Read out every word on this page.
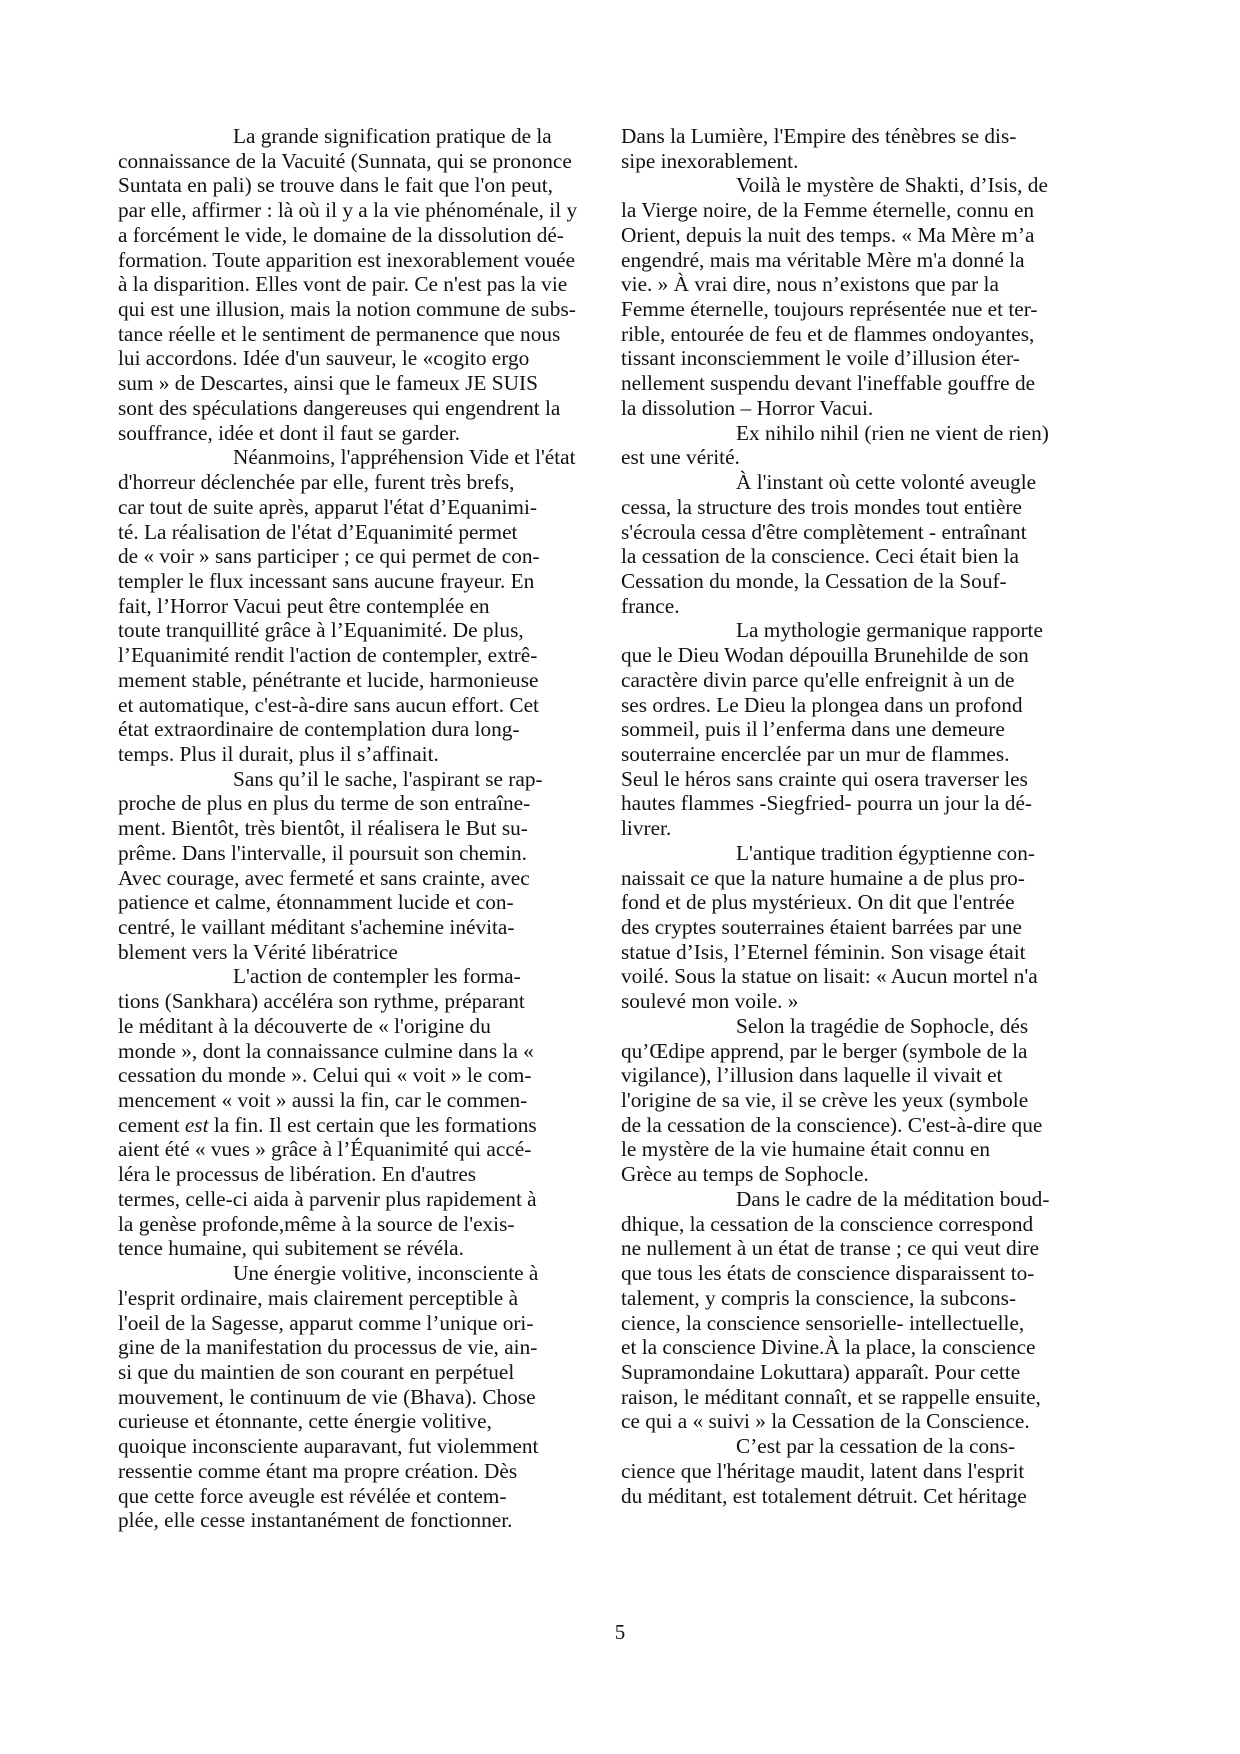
La grande signification pratique de la
connaissance de la Vacuité (Sunnata, qui se prononce
Suntata en pali) se trouve dans le fait que l'on peut,
par elle, affirmer : là où il y a la vie phénoménale, il y
a forcément le vide, le domaine de la dissolution dé-
formation. Toute apparition est inexorablement vouée
à la disparition. Elles vont de pair. Ce n'est pas la vie
qui est une illusion, mais la notion commune de subs-
tance réelle et le sentiment de permanence que nous
lui accordons. Idée d'un sauveur, le «cogito ergo
sum » de Descartes, ainsi que le fameux JE SUIS
sont des spéculations dangereuses qui engendrent la
souffrance, idée et dont il faut se garder.
Néanmoins, l'appréhension Vide et l'état
d'horreur déclenchée par elle, furent très brefs,
car tout de suite après, apparut l'état d’Equanimi-
té. La réalisation de l'état d’Equanimité permet
de « voir » sans participer ; ce qui permet de con-
templer le flux incessant sans aucune frayeur. En
fait, l’Horror Vacui peut être contemplée en
toute tranquillité grâce à l’Equanimité. De plus,
l’Equanimité rendit l'action de contempler, extrê-
mement stable, pénétrante et lucide, harmonieuse
et automatique, c'est-à-dire sans aucun effort. Cet
état extraordinaire de contemplation dura long-
temps. Plus il durait, plus il s’affinait.
Sans qu’il le sache, l'aspirant se rap-
proche de plus en plus du terme de son entraîne-
ment. Bientôt, très bientôt, il réalisera le But su-
prême. Dans l'intervalle, il poursuit son chemin.
Avec courage, avec fermeté et sans crainte, avec
patience et calme, étonnamment lucide et con-
centré, le vaillant méditant s'achemine inévita-
blement vers la Vérité libératrice
L'action de contempler les forma-
tions (Sankhara) accéléra son rythme, préparant
le méditant à la découverte de « l'origine du
monde », dont la connaissance culmine dans la «
cessation du monde ». Celui qui « voit » le com-
mencement « voit » aussi la fin, car le commen-
cement est la fin. Il est certain que les formations
aient été « vues » grâce à l’Équanimité qui accé-
léra le processus de libération. En d'autres
termes, celle-ci aida à parvenir plus rapidement à
la genèse profonde,même à la source de l'exis-
tence humaine, qui subitement se révéla.
Une énergie volitive, inconsciente à
l'esprit ordinaire, mais clairement perceptible à
l'oeil de la Sagesse, apparut comme l’unique ori-
gine de la manifestation du processus de vie, ain-
si que du maintien de son courant en perpétuel
mouvement, le continuum de vie (Bhava). Chose
curieuse et étonnante, cette énergie volitive,
quoique inconsciente auparavant, fut violemment
ressentie comme étant ma propre création. Dès
que cette force aveugle est révélée et contem-
plée, elle cesse instantanément de fonctionner.
Dans la Lumière, l'Empire des ténèbres se dis-
sipe inexorablement.
Voilà le mystère de Shakti, d’Isis, de
la Vierge noire, de la Femme éternelle, connu en
Orient, depuis la nuit des temps. « Ma Mère m’a
engendré, mais ma véritable Mère m'a donné la
vie. » À vrai dire, nous n’existons que par la
Femme éternelle, toujours représentée nue et ter-
rible, entourée de feu et de flammes ondoyantes,
tissant inconsciemment le voile d’illusion éter-
nellement suspendu devant l'ineffable gouffre de
la dissolution – Horror Vacui.
Ex nihilo nihil (rien ne vient de rien)
est une vérité.
À l'instant où cette volonté aveugle
cessa, la structure des trois mondes tout entière
s'écroula cessa d'être complètement - entraînant
la cessation de la conscience. Ceci était bien la
Cessation du monde, la Cessation de la Souf-
france.
La mythologie germanique rapporte
que le Dieu Wodan dépouilla Brunehilde de son
caractère divin parce qu'elle enfreignit à un de
ses ordres. Le Dieu la plongea dans un profond
sommeil, puis il l’enferma dans une demeure
souterraine encerclée par un mur de flammes.
Seul le héros sans crainte qui osera traverser les
hautes flammes -Siegfried- pourra un jour la dé-
livrer.
L'antique tradition égyptienne con-
naissait ce que la nature humaine a de plus pro-
fond et de plus mystérieux. On dit que l'entrée
des cryptes souterraines étaient barrées par une
statue d’Isis, l’Eternel féminin. Son visage était
voilé. Sous la statue on lisait: « Aucun mortel n'a
soulevé mon voile. »
Selon la tragédie de Sophocle, dés
qu’Œdipe apprend, par le berger (symbole de la
vigilance), l’illusion dans laquelle il vivait et
l'origine de sa vie, il se crève les yeux (symbole
de la cessation de la conscience). C'est-à-dire que
le mystère de la vie humaine était connu en
Grèce au temps de Sophocle.
Dans le cadre de la méditation boud-
dhique, la cessation de la conscience correspond
ne nullement à un état de transe ; ce qui veut dire
que tous les états de conscience disparaissent to-
talement, y compris la conscience, la subcons-
cience, la conscience sensorielle- intellectuelle,
et la conscience Divine.À la place, la conscience
Supramondaine Lokuttara) apparaît. Pour cette
raison, le méditant connaît, et se rappelle ensuite,
ce qui a « suivi » la Cessation de la Conscience.
C’est par la cessation de la cons-
cience que l'héritage maudit, latent dans l'esprit
du méditant, est totalement détruit. Cet héritage
5
